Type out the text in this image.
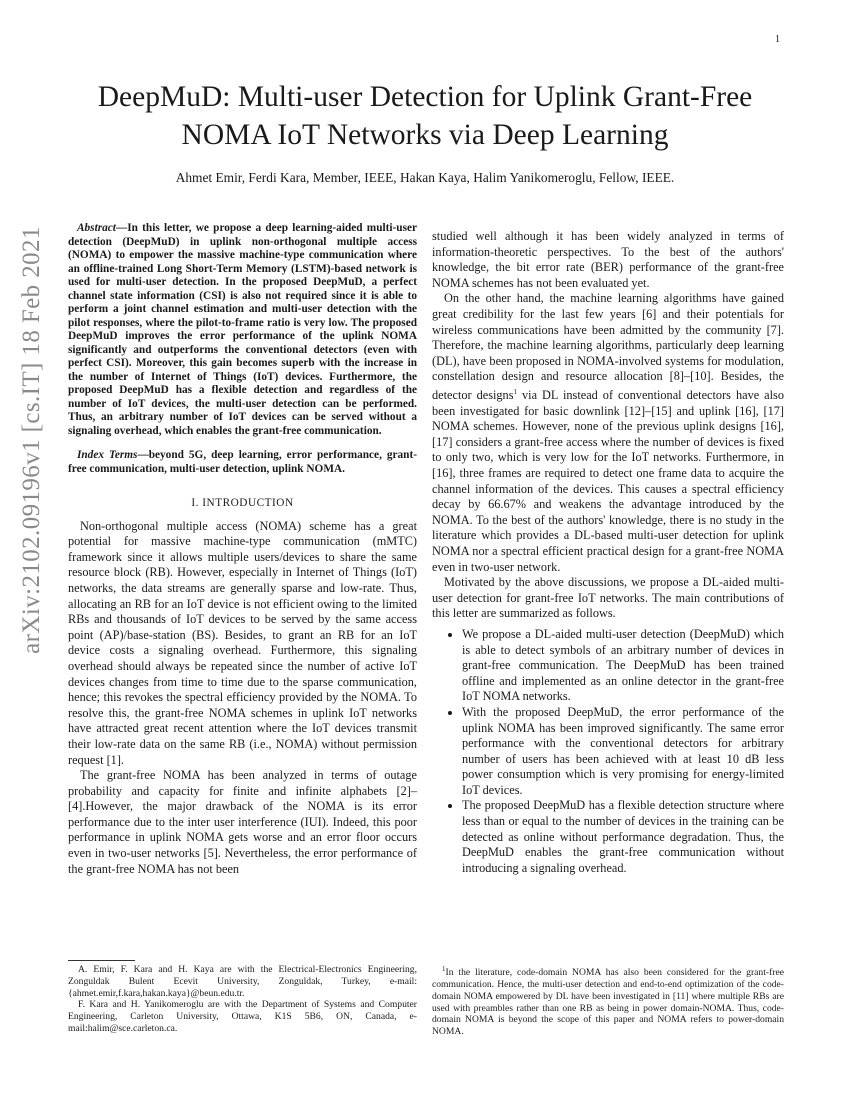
1
arXiv:2102.09196v1 [cs.IT] 18 Feb 2021
DeepMuD: Multi-user Detection for Uplink Grant-Free
NOMA IoT Networks via Deep Learning
Ahmet Emir, Ferdi Kara, Member, IEEE, Hakan Kaya, Halim Yanikomeroglu, Fellow, IEEE.

Abstract—In this letter, we propose a deep learning-aided multi-user detection (DeepMuD) in uplink non-orthogonal multiple access (NOMA) to empower the massive machine-type communication where an offline-trained Long Short-Term Memory (LSTM)-based network is used for multi-user detection. In the proposed DeepMuD, a perfect channel state information (CSI) is also not required since it is able to perform a joint channel estimation and multi-user detection with the pilot responses, where the pilot-to-frame ratio is very low. The proposed DeepMuD improves the error performance of the uplink NOMA significantly and outperforms the conventional detectors (even with perfect CSI). Moreover, this gain becomes superb with the increase in the number of Internet of Things (IoT) devices. Furthermore, the proposed DeepMuD has a flexible detection and regardless of the number of IoT devices, the multi-user detection can be performed. Thus, an arbitrary number of IoT devices can be served without a signaling overhead, which enables the grant-free communication.

Index Terms—beyond 5G, deep learning, error performance, grant-free communication, multi-user detection, uplink NOMA.

I. INTRODUCTION

Non-orthogonal multiple access (NOMA) scheme has a great potential for massive machine-type communication (mMTC) framework since it allows multiple users/devices to share the same resource block (RB). However, especially in Internet of Things (IoT) networks, the data streams are generally sparse and low-rate. Thus, allocating an RB for an IoT device is not efficient owing to the limited RBs and thousands of IoT devices to be served by the same access point (AP)/base-station (BS). Besides, to grant an RB for an IoT device costs a signaling overhead. Furthermore, this signaling overhead should always be repeated since the number of active IoT devices changes from time to time due to the sparse communication, hence; this revokes the spectral efficiency provided by the NOMA. To resolve this, the grant-free NOMA schemes in uplink IoT networks have attracted great recent attention where the IoT devices transmit their low-rate data on the same RB (i.e., NOMA) without permission request [1].

The grant-free NOMA has been analyzed in terms of outage probability and capacity for finite and infinite alphabets [2]–[4].However, the major drawback of the NOMA is its error performance due to the inter user interference (IUI). Indeed, this poor performance in uplink NOMA gets worse and an error floor occurs even in two-user networks [5]. Nevertheless, the error performance of the grant-free NOMA has not been

studied well although it has been widely analyzed in terms of information-theoretic perspectives. To the best of the authors' knowledge, the bit error rate (BER) performance of the grant-free NOMA schemes has not been evaluated yet.

On the other hand, the machine learning algorithms have gained great credibility for the last few years [6] and their potentials for wireless communications have been admitted by the community [7]. Therefore, the machine learning algorithms, particularly deep learning (DL), have been proposed in NOMA-involved systems for modulation, constellation design and resource allocation [8]–[10]. Besides, the detector designs$^1$ via DL instead of conventional detectors have also been investigated for basic downlink [12]–[15] and uplink [16], [17] NOMA schemes. However, none of the previous uplink designs [16], [17] considers a grant-free access where the number of devices is fixed to only two, which is very low for the IoT networks. Furthermore, in [16], three frames are required to detect one frame data to acquire the channel information of the devices. This causes a spectral efficiency decay by 66.67% and weakens the advantage introduced by the NOMA. To the best of the authors' knowledge, there is no study in the literature which provides a DL-based multi-user detection for uplink NOMA nor a spectral efficient practical design for a grant-free NOMA even in two-user network.

Motivated by the above discussions, we propose a DL-aided multi-user detection for grant-free IoT networks. The main contributions of this letter are summarized as follows.

• We propose a DL-aided multi-user detection (DeepMuD) which is able to detect symbols of an arbitrary number of devices in grant-free communication. The DeepMuD has been trained offline and implemented as an online detector in the grant-free IoT NOMA networks.
• With the proposed DeepMuD, the error performance of the uplink NOMA has been improved significantly. The same error performance with the conventional detectors for arbitrary number of users has been achieved with at least 10 dB less power consumption which is very promising for energy-limited IoT devices.
• The proposed DeepMuD has a flexible detection structure where less than or equal to the number of devices in the training can be detected as online without performance degradation. Thus, the DeepMuD enables the grant-free communication without introducing a signaling overhead.

A. Emir, F. Kara and H. Kaya are with the Electrical-Electronics Engineering, Zonguldak Bulent Ecevit University, Zonguldak, Turkey, e-mail: {ahmet.emir,f.kara,hakan.kaya}@beun.edu.tr.

F. Kara and H. Yanikomeroglu are with the Department of Systems and Computer Engineering, Carleton University, Ottawa, K1S 5B6, ON, Canada, e-mail:halim@sce.carleton.ca.

$^1$In the literature, code-domain NOMA has also been considered for the grant-free communication. Hence, the multi-user detection and end-to-end optimization of the code-domain NOMA empowered by DL have been investigated in [11] where multiple RBs are used with preambles rather than one RB as being in power domain-NOMA. Thus, code-domain NOMA is beyond the scope of this paper and NOMA refers to power-domain NOMA.
